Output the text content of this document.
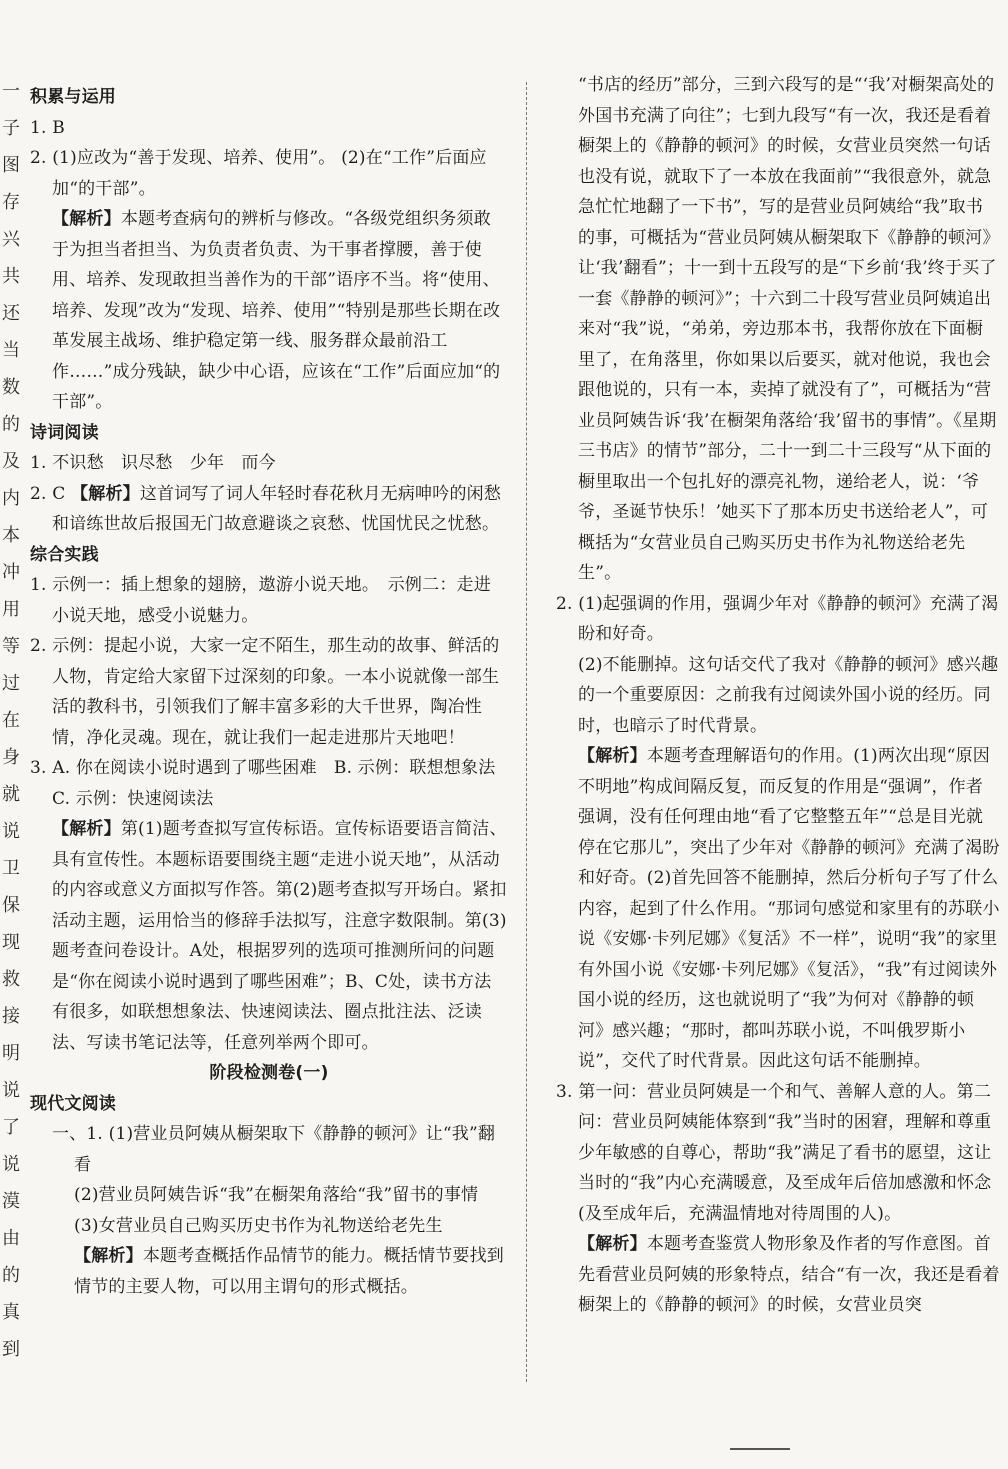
一
子
图
存
兴
共
还
当
数
的
及
内
本
冲
用
等
过
在
身
就
说
卫
保
现
救
接
明
说
了
说
漠
由
的
真
到

积累与运用

1. B

2. (1)应改为“善于发现、培养、使用”。 (2)在“工作”后面应加“的干部”。

【解析】本题考查病句的辨析与修改。“各级党组织务须敢于为担当者担当、为负责者负责、为干事者撑腰，善于使用、培养、发现敢担当善作为的干部”语序不当。将“使用、培养、发现”改为“发现、培养、使用”“特别是那些长期在改革发展主战场、维护稳定第一线、服务群众最前沿工作……”成分残缺，缺少中心语，应该在“工作”后面应加“的干部”。

诗词阅读

1. 不识愁　识尽愁　少年　而今

2. C 【解析】这首词写了词人年轻时春花秋月无病呻吟的闲愁和谙练世故后报国无门故意避谈之哀愁、忧国忧民之忧愁。

综合实践

1. 示例一：插上想象的翅膀，遨游小说天地。　示例二：走进小说天地，感受小说魅力。

2. 示例：提起小说，大家一定不陌生，那生动的故事、鲜活的人物，肯定给大家留下过深刻的印象。一本小说就像一部生活的教科书，引领我们了解丰富多彩的大千世界，陶冶性情，净化灵魂。现在，就让我们一起走进那片天地吧！

3. A. 你在阅读小说时遇到了哪些困难　B. 示例：联想想象法　C. 示例：快速阅读法

【解析】第(1)题考查拟写宣传标语。宣传标语要语言简洁、具有宣传性。本题标语要围绕主题“走进小说天地”，从活动的内容或意义方面拟写作答。第(2)题考查拟写开场白。紧扣活动主题，运用恰当的修辞手法拟写，注意字数限制。第(3)题考查问卷设计。A处，根据罗列的选项可推测所问的问题是“你在阅读小说时遇到了哪些困难”；B、C处，读书方法有很多，如联想想象法、快速阅读法、圈点批注法、泛读法、写读书笔记法等，任意列举两个即可。

阶段检测卷(一)

现代文阅读

一、1. (1)营业员阿姨从橱架取下《静静的顿河》让“我”翻看

(2)营业员阿姨告诉“我”在橱架角落给“我”留书的事情

(3)女营业员自己购买历史书作为礼物送给老先生

【解析】本题考查概括作品情节的能力。概括情节要找到情节的主要人物，可以用主谓句的形式概括。

“书店的经历”部分，三到六段写的是“‘我’对橱架高处的外国书充满了向往”；七到九段写“有一次，我还是看着橱架上的《静静的顿河》的时候，女营业员突然一句话也没有说，就取下了一本放在我面前”“我很意外，就急急忙忙地翻了一下书”，写的是营业员阿姨给“我”取书的事，可概括为“营业员阿姨从橱架取下《静静的顿河》让‘我’翻看”；十一到十五段写的是“下乡前‘我’终于买了一套《静静的顿河》”；十六到二十段写营业员阿姨追出来对“我”说，“弟弟，旁边那本书，我帮你放在下面橱里了，在角落里，你如果以后要买，就对他说，我也会跟他说的，只有一本，卖掉了就没有了”，可概括为“营业员阿姨告诉‘我’在橱架角落给‘我’留书的事情”。《星期三书店》的情节”部分，二十一到二十三段写“从下面的橱里取出一个包扎好的漂亮礼物，递给老人，说：‘爷爷，圣诞节快乐！’她买下了那本历史书送给老人”，可概括为“女营业员自己购买历史书作为礼物送给老先生”。

2. (1)起强调的作用，强调少年对《静静的顿河》充满了渴盼和好奇。

(2)不能删掉。这句话交代了我对《静静的顿河》感兴趣的一个重要原因：之前我有过阅读外国小说的经历。同时，也暗示了时代背景。

【解析】本题考查理解语句的作用。(1)两次出现“原因不明地”构成间隔反复，而反复的作用是“强调”，作者强调，没有任何理由地“看了它整整五年”“总是目光就停在它那儿”，突出了少年对《静静的顿河》充满了渴盼和好奇。(2)首先回答不能删掉，然后分析句子写了什么内容，起到了什么作用。“那词句感觉和家里有的苏联小说《安娜·卡列尼娜》《复活》不一样”，说明“我”的家里有外国小说《安娜·卡列尼娜》《复活》，“我”有过阅读外国小说的经历，这也就说明了“我”为何对《静静的顿河》感兴趣；“那时，都叫苏联小说，不叫俄罗斯小说”，交代了时代背景。因此这句话不能删掉。

3. 第一问：营业员阿姨是一个和气、善解人意的人。第二问：营业员阿姨能体察到“我”当时的困窘，理解和尊重少年敏感的自尊心，帮助“我”满足了看书的愿望，这让当时的“我”内心充满暖意，及至成年后倍加感激和怀念(及至成年后，充满温情地对待周围的人)。

【解析】本题考查鉴赏人物形象及作者的写作意图。首先看营业员阿姨的形象特点，结合“有一次，我还是看着橱架上的《静静的顿河》的时候，女营业员突
